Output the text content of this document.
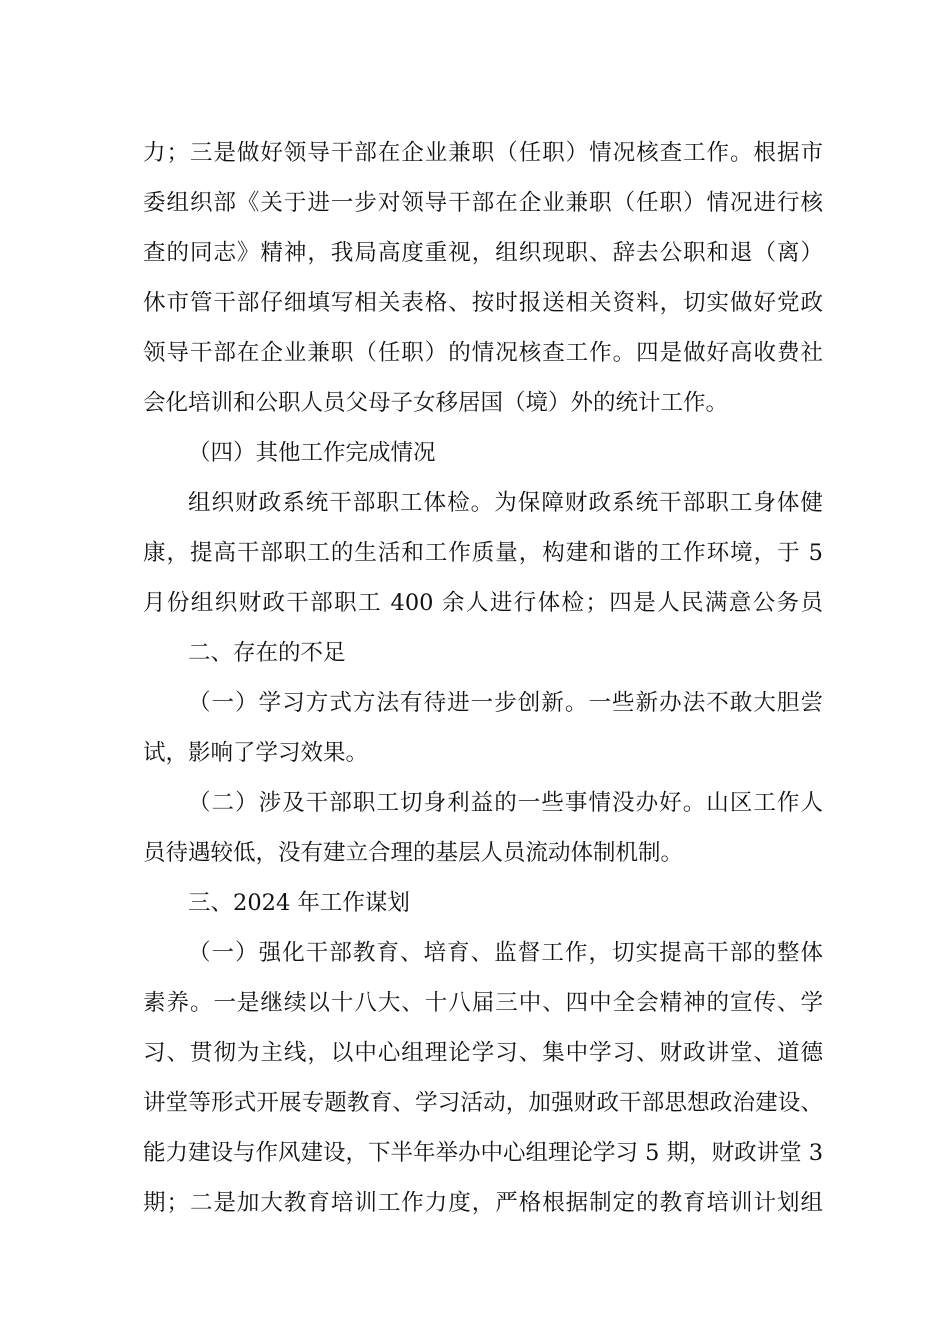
力；三是做好领导干部在企业兼职（任职）情况核查工作。根据市
委组织部《关于进一步对领导干部在企业兼职（任职）情况进行核
查的同志》精神，我局高度重视，组织现职、辞去公职和退（离）
休市管干部仔细填写相关表格、按时报送相关资料，切实做好党政
领导干部在企业兼职（任职）的情况核查工作。四是做好高收费社
会化培训和公职人员父母子女移居国（境）外的统计工作。
（四）其他工作完成情况
组织财政系统干部职工体检。为保障财政系统干部职工身体健
康，提高干部职工的生活和工作质量，构建和谐的工作环境，于 5
月份组织财政干部职工 400 余人进行体检；四是人民满意公务员
二、存在的不足
（一）学习方式方法有待进一步创新。一些新办法不敢大胆尝
试，影响了学习效果。
（二）涉及干部职工切身利益的一些事情没办好。山区工作人
员待遇较低，没有建立合理的基层人员流动体制机制。
三、2024 年工作谋划
（一）强化干部教育、培育、监督工作，切实提高干部的整体
素养。一是继续以十八大、十八届三中、四中全会精神的宣传、学
习、贯彻为主线，以中心组理论学习、集中学习、财政讲堂、道德
讲堂等形式开展专题教育、学习活动，加强财政干部思想政治建设、
能力建设与作风建设，下半年举办中心组理论学习 5 期，财政讲堂 3
期；二是加大教育培训工作力度，严格根据制定的教育培训计划组
